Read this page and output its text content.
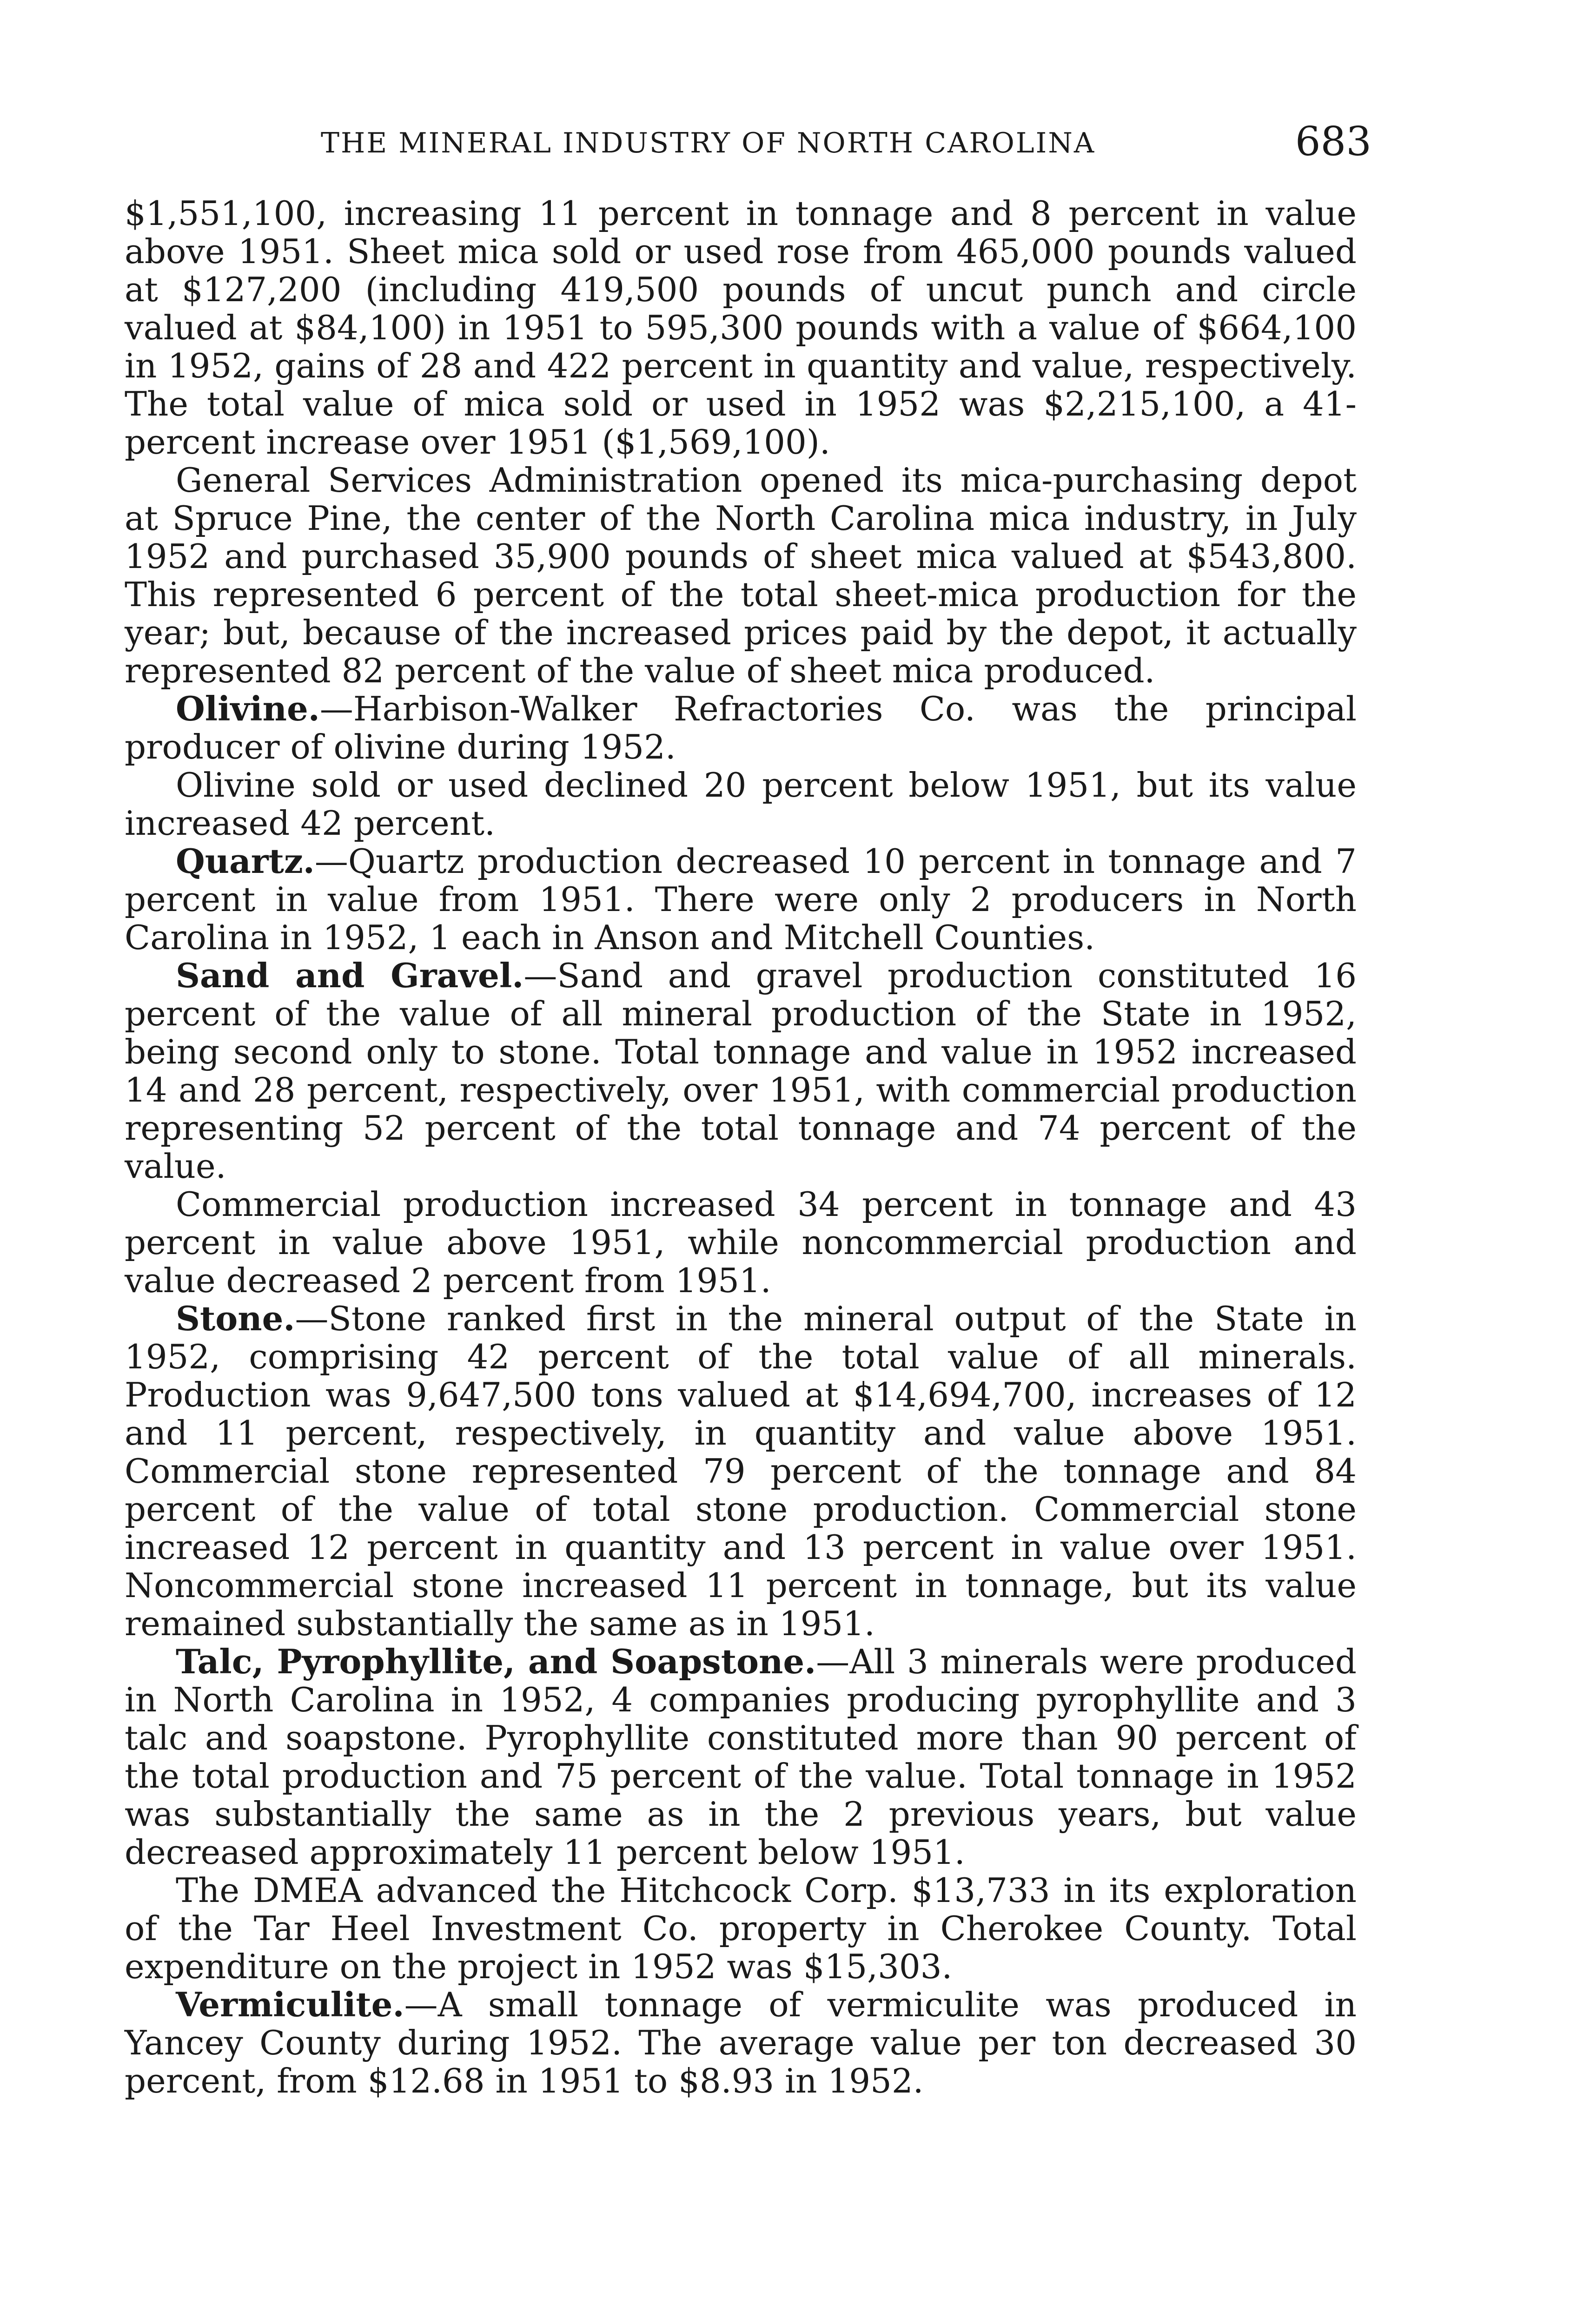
THE MINERAL INDUSTRY OF NORTH CAROLINA	683

$1,551,100, increasing 11 percent in tonnage and 8 percent in value above 1951. Sheet mica sold or used rose from 465,000 pounds valued at $127,200 (including 419,500 pounds of uncut punch and circle valued at $84,100) in 1951 to 595,300 pounds with a value of $664,100 in 1952, gains of 28 and 422 percent in quantity and value, respectively. The total value of mica sold or used in 1952 was $2,215,100, a 41-percent increase over 1951 ($1,569,100).

General Services Administration opened its mica-purchasing depot at Spruce Pine, the center of the North Carolina mica industry, in July 1952 and purchased 35,900 pounds of sheet mica valued at $543,800. This represented 6 percent of the total sheet-mica production for the year; but, because of the increased prices paid by the depot, it actually represented 82 percent of the value of sheet mica produced.

Olivine.—Harbison-Walker Refractories Co. was the principal producer of olivine during 1952.

Olivine sold or used declined 20 percent below 1951, but its value increased 42 percent.

Quartz.—Quartz production decreased 10 percent in tonnage and 7 percent in value from 1951. There were only 2 producers in North Carolina in 1952, 1 each in Anson and Mitchell Counties.

Sand and Gravel.—Sand and gravel production constituted 16 percent of the value of all mineral production of the State in 1952, being second only to stone. Total tonnage and value in 1952 increased 14 and 28 percent, respectively, over 1951, with commercial production representing 52 percent of the total tonnage and 74 percent of the value.

Commercial production increased 34 percent in tonnage and 43 percent in value above 1951, while noncommercial production and value decreased 2 percent from 1951.

Stone.—Stone ranked first in the mineral output of the State in 1952, comprising 42 percent of the total value of all minerals. Production was 9,647,500 tons valued at $14,694,700, increases of 12 and 11 percent, respectively, in quantity and value above 1951. Commercial stone represented 79 percent of the tonnage and 84 percent of the value of total stone production. Commercial stone increased 12 percent in quantity and 13 percent in value over 1951. Noncommercial stone increased 11 percent in tonnage, but its value remained substantially the same as in 1951.

Talc, Pyrophyllite, and Soapstone.—All 3 minerals were produced in North Carolina in 1952, 4 companies producing pyrophyllite and 3 talc and soapstone. Pyrophyllite constituted more than 90 percent of the total production and 75 percent of the value. Total tonnage in 1952 was substantially the same as in the 2 previous years, but value decreased approximately 11 percent below 1951.

The DMEA advanced the Hitchcock Corp. $13,733 in its exploration of the Tar Heel Investment Co. property in Cherokee County. Total expenditure on the project in 1952 was $15,303.

Vermiculite.—A small tonnage of vermiculite was produced in Yancey County during 1952. The average value per ton decreased 30 percent, from $12.68 in 1951 to $8.93 in 1952.
